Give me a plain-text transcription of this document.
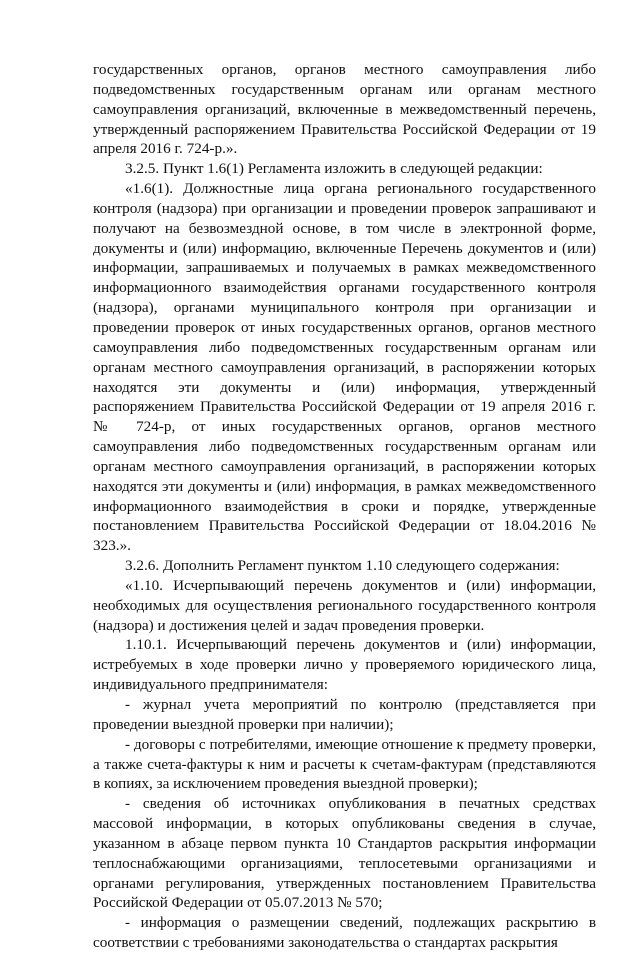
государственных органов, органов местного самоуправления либо подведомственных государственным органам или органам местного самоуправления организаций, включенные в межведомственный перечень, утвержденный распоряжением Правительства Российской Федерации от 19 апреля 2016 г. 724-р.».

3.2.5. Пункт 1.6(1) Регламента изложить в следующей редакции:

«1.6(1). Должностные лица органа регионального государственного контроля (надзора) при организации и проведении проверок запрашивают и получают на безвозмездной основе, в том числе в электронной форме, документы и (или) информацию, включенные Перечень документов и (или) информации, запрашиваемых и получаемых в рамках межведомственного информационного взаимодействия органами государственного контроля (надзора), органами муниципального контроля при организации и проведении проверок от иных государственных органов, органов местного самоуправления либо подведомственных государственным органам или органам местного самоуправления организаций, в распоряжении которых находятся эти документы и (или) информация, утвержденный распоряжением Правительства Российской Федерации от 19 апреля 2016 г. № 724-р, от иных государственных органов, органов местного самоуправления либо подведомственных государственным органам или органам местного самоуправления организаций, в распоряжении которых находятся эти документы и (или) информация, в рамках межведомственного информационного взаимодействия в сроки и порядке, утвержденные постановлением Правительства Российской Федерации от 18.04.2016 № 323.».

3.2.6. Дополнить Регламент пунктом 1.10 следующего содержания:

«1.10. Исчерпывающий перечень документов и (или) информации, необходимых для осуществления регионального государственного контроля (надзора) и достижения целей и задач проведения проверки.

1.10.1. Исчерпывающий перечень документов и (или) информации, истребуемых в ходе проверки лично у проверяемого юридического лица, индивидуального предпринимателя:

- журнал учета мероприятий по контролю (представляется при проведении выездной проверки при наличии);

- договоры с потребителями, имеющие отношение к предмету проверки, а также счета-фактуры к ним и расчеты к счетам-фактурам (представляются в копиях, за исключением проведения выездной проверки);

- сведения об источниках опубликования в печатных средствах массовой информации, в которых опубликованы сведения в случае, указанном в абзаце первом пункта 10 Стандартов раскрытия информации теплоснабжающими организациями, теплосетевыми организациями и органами регулирования, утвержденных постановлением Правительства Российской Федерации от 05.07.2013 № 570;

- информация о размещении сведений, подлежащих раскрытию в соответствии с требованиями законодательства о стандартах раскрытия
